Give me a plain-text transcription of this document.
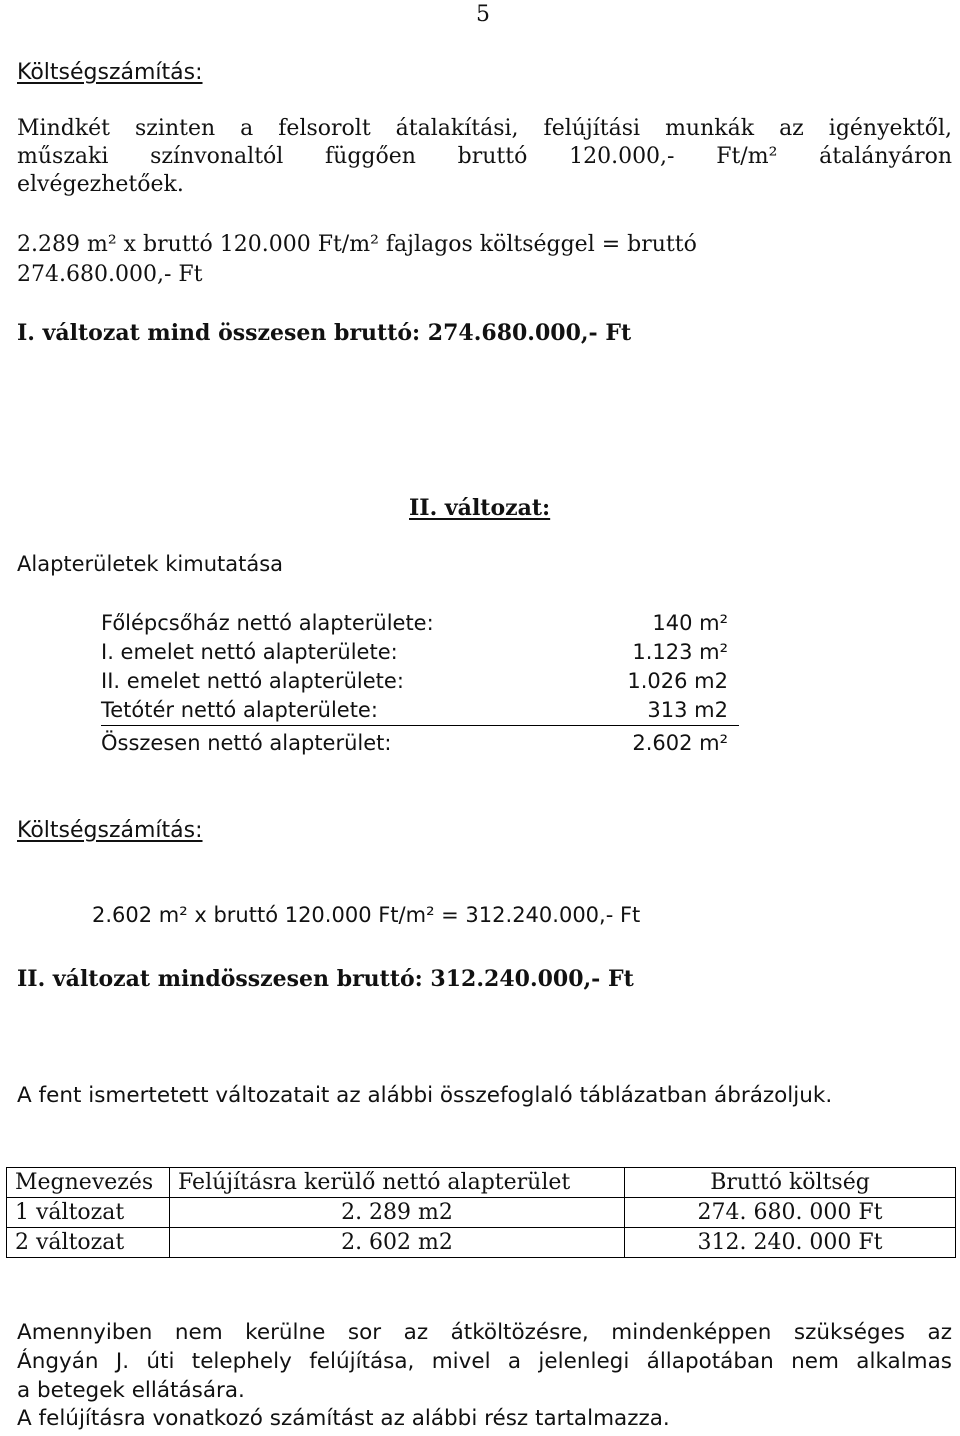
5
Költségszámítás:
Mindkét szinten a felsorolt átalakítási, felújítási munkák az igényektől,
műszaki színvonaltól függően bruttó 120.000,- Ft/m² átalányáron
elvégezhetőek.
2.289 m² x bruttó 120.000 Ft/m² fajlagos költséggel = bruttó
274.680.000,- Ft
I. változat mind összesen bruttó: 274.680.000,- Ft
II. változat:
Alapterületek kimutatása
Főlépcsőház nettó alapterülete:	140 m²
I. emelet nettó alapterülete:	1.123 m²
II. emelet nettó alapterülete:	1.026 m2
Tetótér nettó alapterülete:	313 m2
Összesen nettó alapterület:	2.602 m²
Költségszámítás:
2.602 m² x bruttó 120.000 Ft/m² = 312.240.000,- Ft
II. változat mindösszesen bruttó: 312.240.000,- Ft
A fent ismertetett változatait az alábbi összefoglaló táblázatban ábrázoljuk.
Megnevezés	Felújításra kerülő nettó alapterület	Bruttó költség
1 változat	2. 289 m2	274. 680. 000 Ft
2 változat	2. 602 m2	312. 240. 000 Ft
Amennyiben nem kerülne sor az átköltözésre, mindenképpen szükséges az
Ángyán J. úti telephely felújítása, mivel a jelenlegi állapotában nem alkalmas
a betegek ellátására.
A felújításra vonatkozó számítást az alábbi rész tartalmazza.
